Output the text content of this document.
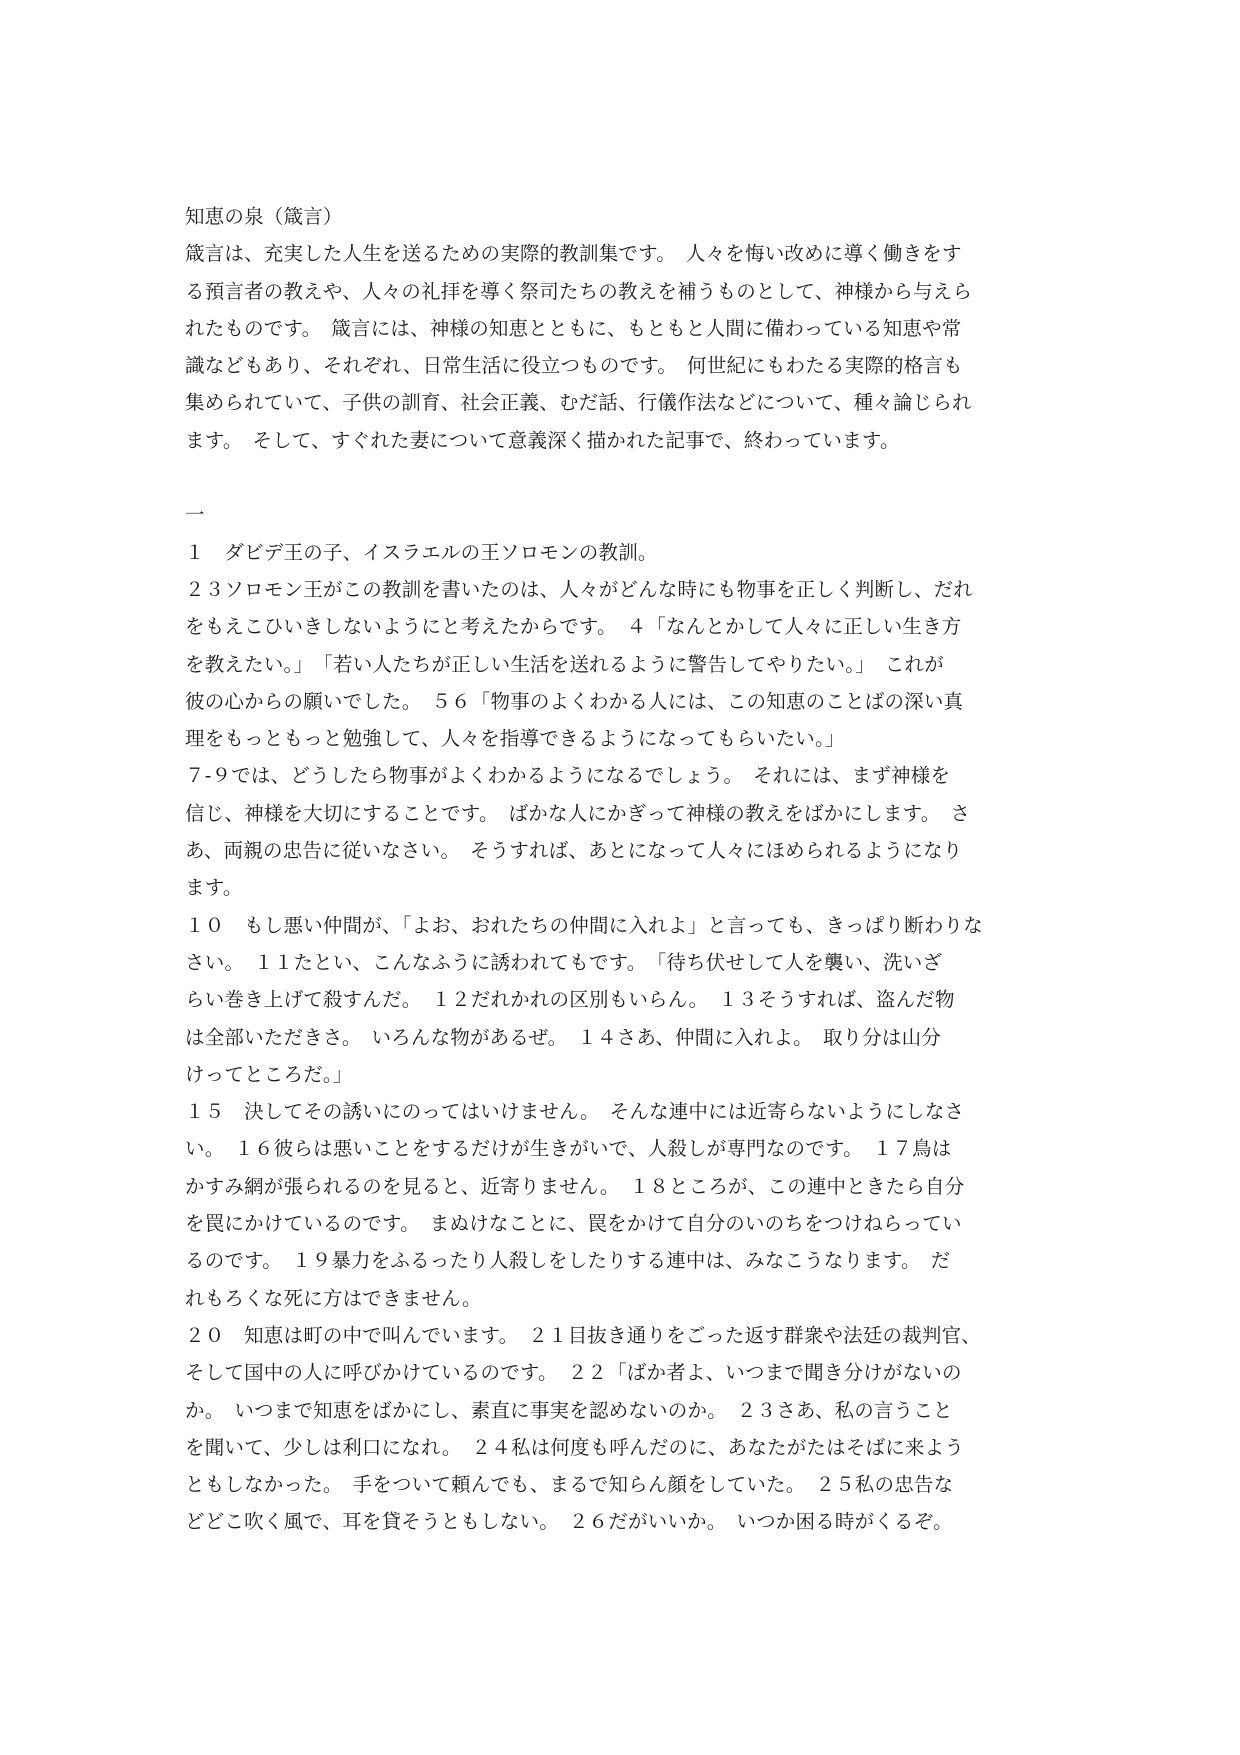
知恵の泉（箴言）
箴言は、充実した人生を送るための実際的教訓集です。　人々を悔い改めに導く働きをす
る預言者の教えや、人々の礼拝を導く祭司たちの教えを補うものとして、神様から与えら
れたものです。　箴言には、神様の知恵とともに、もともと人間に備わっている知恵や常
識などもあり、それぞれ、日常生活に役立つものです。　何世紀にもわたる実際的格言も
集められていて、子供の訓育、社会正義、むだ話、行儀作法などについて、種々論じられ
ます。　そして、すぐれた妻について意義深く描かれた記事で、終わっています。
一
１　ダビデ王の子、イスラエルの王ソロモンの教訓。
２３ソロモン王がこの教訓を書いたのは、人々がどんな時にも物事を正しく判断し、だれ
をもえこひいきしないようにと考えたからです。　４「なんとかして人々に正しい生き方
を教えたい。」　「若い人たちが正しい生活を送れるように警告してやりたい。」　これが
彼の心からの願いでした。　５６「物事のよくわかる人には、この知恵のことばの深い真
理をもっともっと勉強して、人々を指導できるようになってもらいたい。」
７‐９では、どうしたら物事がよくわかるようになるでしょう。　それには、まず神様を
信じ、神様を大切にすることです。　ばかな人にかぎって神様の教えをばかにします。　さ
あ、両親の忠告に従いなさい。　そうすれば、あとになって人々にほめられるようになり
ます。
１０　もし悪い仲間が、「よお、おれたちの仲間に入れよ」と言っても、きっぱり断わりな
さい。　１１たとい、こんなふうに誘われてもです。　「待ち伏せして人を襲い、洗いざ
らい巻き上げて殺すんだ。　１２だれかれの区別もいらん。　１３そうすれば、盗んだ物
は全部いただきさ。　いろんな物があるぜ。　１４さあ、仲間に入れよ。　取り分は山分
けってところだ。」
１５　決してその誘いにのってはいけません。　そんな連中には近寄らないようにしなさ
い。　１６彼らは悪いことをするだけが生きがいで、人殺しが専門なのです。　１７鳥は
かすみ網が張られるのを見ると、近寄りません。　１８ところが、この連中ときたら自分
を罠にかけているのです。　まぬけなことに、罠をかけて自分のいのちをつけねらってい
るのです。　１９暴力をふるったり人殺しをしたりする連中は、みなこうなります。　だ
れもろくな死に方はできません。
２０　知恵は町の中で叫んでいます。　２１目抜き通りをごった返す群衆や法廷の裁判官、
そして国中の人に呼びかけているのです。　２２「ばか者よ、いつまで聞き分けがないの
か。　いつまで知恵をばかにし、素直に事実を認めないのか。　２３さあ、私の言うこと
を聞いて、少しは利口になれ。　２４私は何度も呼んだのに、あなたがたはそばに来よう
ともしなかった。　手をついて頼んでも、まるで知らん顔をしていた。　２５私の忠告な
どどこ吹く風で、耳を貸そうともしない。　２６だがいいか。　いつか困る時がくるぞ。
